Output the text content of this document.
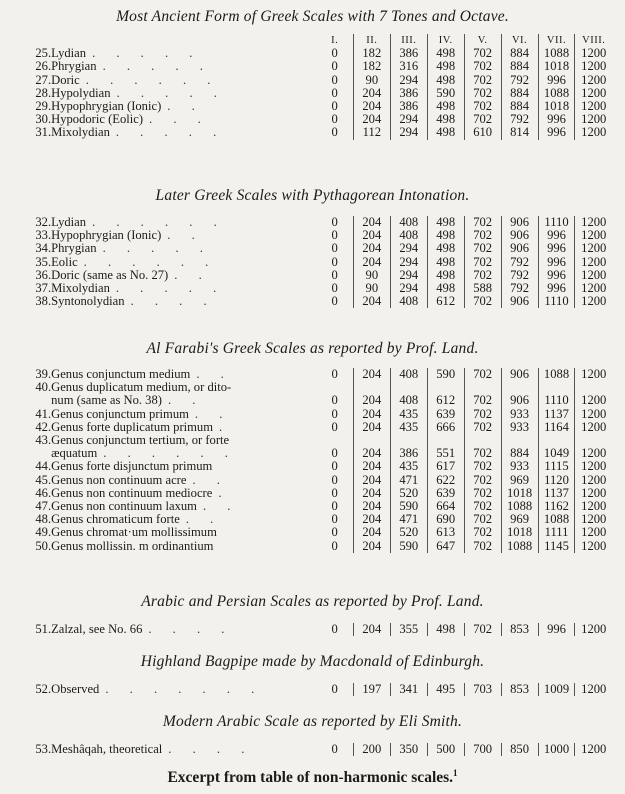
Most Ancient Form of Greek Scales with 7 Tones and Octave.
		I.	II.	III.	IV.	V.	VI.	VII.	VIII.
25.	Lydian . . . . .	0	182	386	498	702	884	1088	1200
26.	Phrygian . . . . .	0	182	316	498	702	884	1018	1200
27.	Doric . . . . . .	0	90	294	498	702	792	996	1200
28.	Hypolydian . . . . .	0	204	386	590	702	884	1088	1200
29.	Hypophrygian (Ionic) . .	0	204	386	498	702	884	1018	1200
30.	Hypodoric (Eolic) . . .	0	204	294	498	702	792	996	1200
31.	Mixolydian . . . . .	0	112	294	498	610	814	996	1200
Later Greek Scales with Pythagorean Intonation.
32.	Lydian . . . . . .	0	204	408	498	702	906	1110	1200
33.	Hypophrygian (Ionic) . .	0	204	408	498	702	906	996	1200
34.	Phrygian . . . . .	0	204	294	498	702	906	996	1200
35.	Eolic . . . . . .	0	204	294	498	702	792	996	1200
36.	Doric (same as No. 27) . .	0	90	294	498	702	792	996	1200
37.	Mixolydian . . . . .	0	90	294	498	588	792	996	1200
38.	Syntonolydian . . . .	0	204	408	612	702	906	1110	1200
Al Farabi's Greek Scales as reported by Prof. Land.
39.	Genus conjunctum medium . .	0	204	408	590	702	906	1088	1200
40.	Genus duplicatum medium, or dito-								
	num (same as No. 38) . .	0	204	408	612	702	906	1110	1200
41.	Genus conjunctum primum . .	0	204	435	639	702	933	1137	1200
42.	Genus forte duplicatum primum .	0	204	435	666	702	933	1164	1200
43.	Genus conjunctum tertium, or forte								
	æquatum . . . . . .	0	204	386	551	702	884	1049	1200
44.	Genus forte disjunctum primum	0	204	435	617	702	933	1115	1200
45.	Genus non continuum acre . .	0	204	471	622	702	969	1120	1200
46.	Genus non continuum mediocre .	0	204	520	639	702	1018	1137	1200
47.	Genus non continuum laxum . .	0	204	590	664	702	1088	1162	1200
48.	Genus chromaticum forte . .	0	204	471	690	702	969	1088	1200
49.	Genus chromat·um mollissimum	0	204	520	613	702	1018	1111	1200
50.	Genus mollissin. m ordinantium	0	204	590	647	702	1088	1145	1200
Arabic and Persian Scales as reported by Prof. Land.
51.	Zalzal, see No. 66 . . . .	0	204	355	498	702	853	996	1200
Highland Bagpipe made by Macdonald of Edinburgh.
52.	Observed . . . . . . .	0	197	341	495	703	853	1009	1200
Modern Arabic Scale as reported by Eli Smith.
53.	Meshâqah, theoretical . . . .	0	200	350	500	700	850	1000	1200
Excerpt from table of non-harmonic scales.$^1$
